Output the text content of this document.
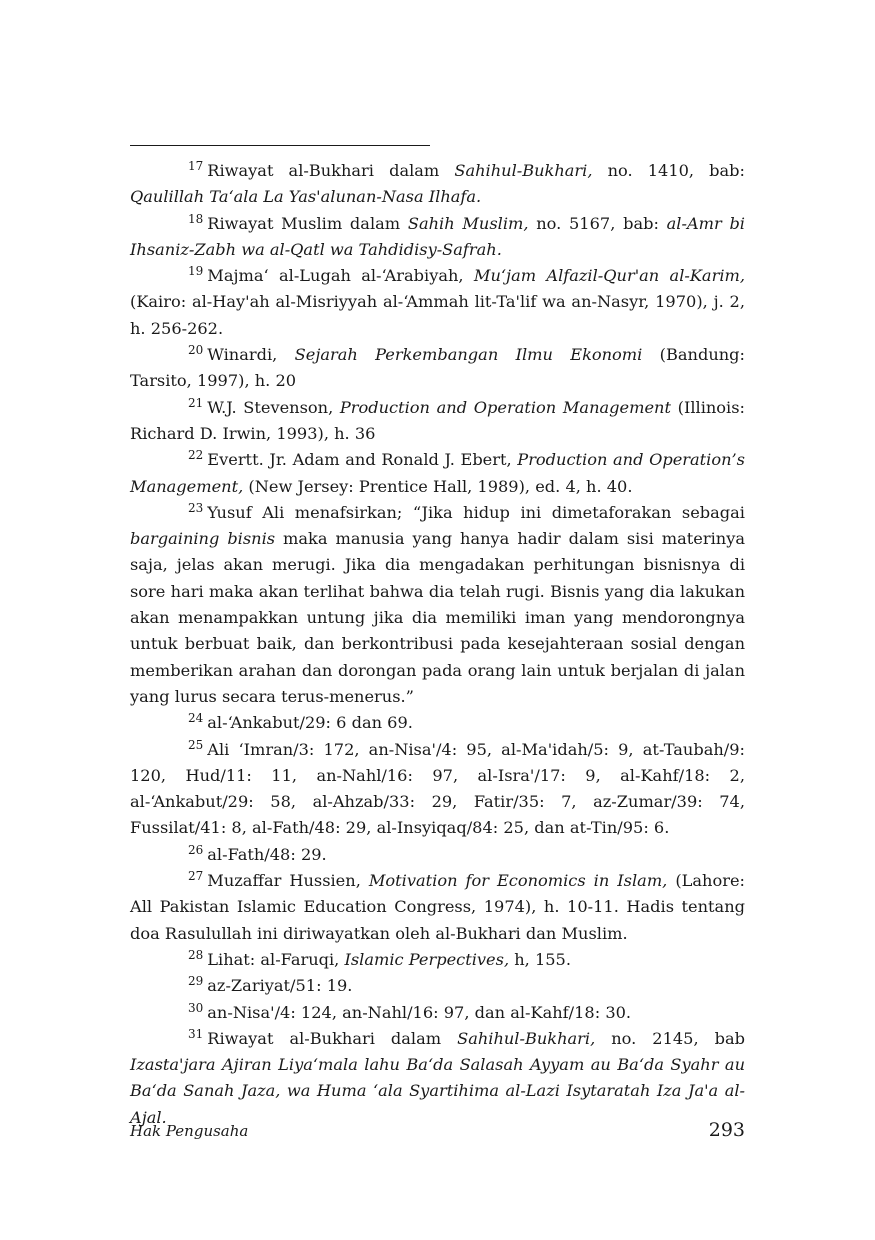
$^{17}$ Riwayat al-Bukhari dalam Sahihul-Bukhari, no. 1410, bab: Qaulillah Ta‘ala La Yas'alunan-Nasa Ilhafa.

$^{18}$ Riwayat Muslim dalam Sahih Muslim, no. 5167, bab: al-Amr bi Ihsaniz-Zabh wa al-Qatl wa Tahdidisy-Safrah.

$^{19}$ Majma‘ al-Lugah al-‘Arabiyah, Mu‘jam Alfazil-Qur'an al-Karim, (Kairo: al-Hay'ah al-Misriyyah al-‘Ammah lit-Ta'lif wa an-Nasyr, 1970), j. 2, h. 256-262.

$^{20}$ Winardi, Sejarah Perkembangan Ilmu Ekonomi (Bandung: Tarsito, 1997), h. 20

$^{21}$ W.J. Stevenson, Production and Operation Management (Illinois: Richard D. Irwin, 1993), h. 36

$^{22}$ Evertt. Jr. Adam and Ronald J. Ebert, Production and Operation’s Management, (New Jersey: Prentice Hall, 1989), ed. 4, h. 40.

$^{23}$ Yusuf Ali menafsirkan; “Jika hidup ini dimetaforakan sebagai bargaining bisnis maka manusia yang hanya hadir dalam sisi materinya saja, jelas akan merugi. Jika dia mengadakan perhitungan bisnisnya di sore hari maka akan terlihat bahwa dia telah rugi. Bisnis yang dia lakukan akan menampakkan untung jika dia memiliki iman yang mendorongnya untuk berbuat baik, dan berkontribusi pada kesejahteraan sosial dengan memberikan arahan dan dorongan pada orang lain untuk berjalan di jalan yang lurus secara terus-menerus.”

$^{24}$ al-‘Ankabut/29: 6 dan 69.

$^{25}$ Ali ‘Imran/3: 172, an-Nisa'/4: 95, al-Ma'idah/5: 9, at-Taubah/9: 120, Hud/11: 11, an-Nahl/16: 97, al-Isra'/17: 9, al-Kahf/18: 2, al-‘Ankabut/29: 58, al-Ahzab/33: 29, Fatir/35: 7, az-Zumar/39: 74, Fussilat/41: 8, al-Fath/48: 29, al-Insyiqaq/84: 25, dan at-Tin/95: 6.

$^{26}$ al-Fath/48: 29.

$^{27}$ Muzaffar Hussien, Motivation for Economics in Islam, (Lahore: All Pakistan Islamic Education Congress, 1974), h. 10-11. Hadis tentang doa Rasulullah ini diriwayatkan oleh al-Bukhari dan Muslim.

$^{28}$ Lihat: al-Faruqi, Islamic Perpectives, h, 155.

$^{29}$ az-Zariyat/51: 19.

$^{30}$ an-Nisa'/4: 124, an-Nahl/16: 97, dan al-Kahf/18: 30.

$^{31}$ Riwayat al-Bukhari dalam Sahihul-Bukhari, no. 2145, bab Izasta'jara Ajiran Liya‘mala lahu Ba‘da Salasah Ayyam au Ba‘da Syahr au Ba‘da Sanah Jaza, wa Huma ‘ala Syartihima al-Lazi Isytaratah Iza Ja'a al-Ajal.

Hak Pengusaha	293
